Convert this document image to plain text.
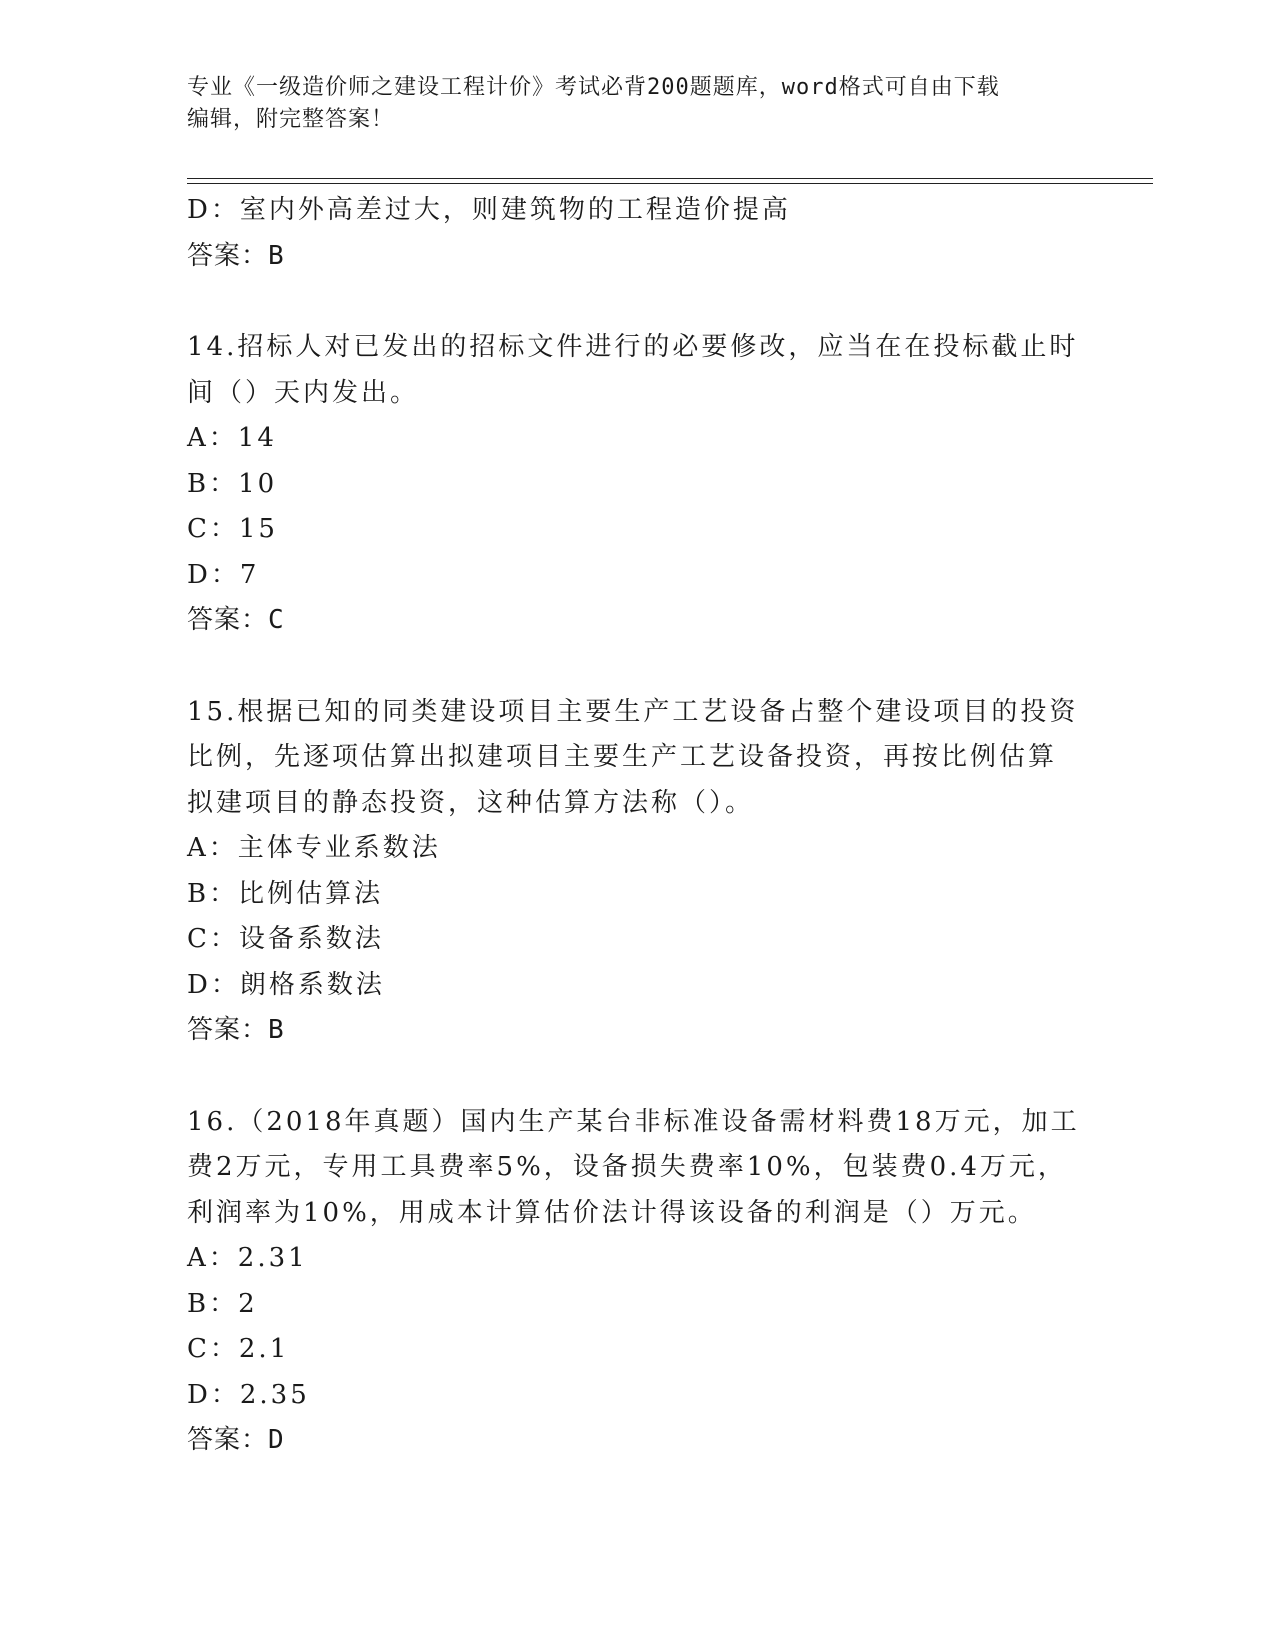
专业《一级造价师之建设工程计价》考试必背200题题库，word格式可自由下载
编辑，附完整答案！
D：室内外高差过大，则建筑物的工程造价提高
答案：B
14.招标人对已发出的招标文件进行的必要修改，应当在在投标截止时
间（）天内发出。
A：14
B：10
C：15
D：7
答案：C
15.根据已知的同类建设项目主要生产工艺设备占整个建设项目的投资
比例，先逐项估算出拟建项目主要生产工艺设备投资，再按比例估算
拟建项目的静态投资，这种估算方法称（）。
A：主体专业系数法
B：比例估算法
C：设备系数法
D：朗格系数法
答案：B
16.（2018年真题）国内生产某台非标准设备需材料费18万元，加工
费2万元，专用工具费率5%，设备损失费率10%，包装费0.4万元，
利润率为10%，用成本计算估价法计得该设备的利润是（）万元。
A：2.31
B：2
C：2.1
D：2.35
答案：D
